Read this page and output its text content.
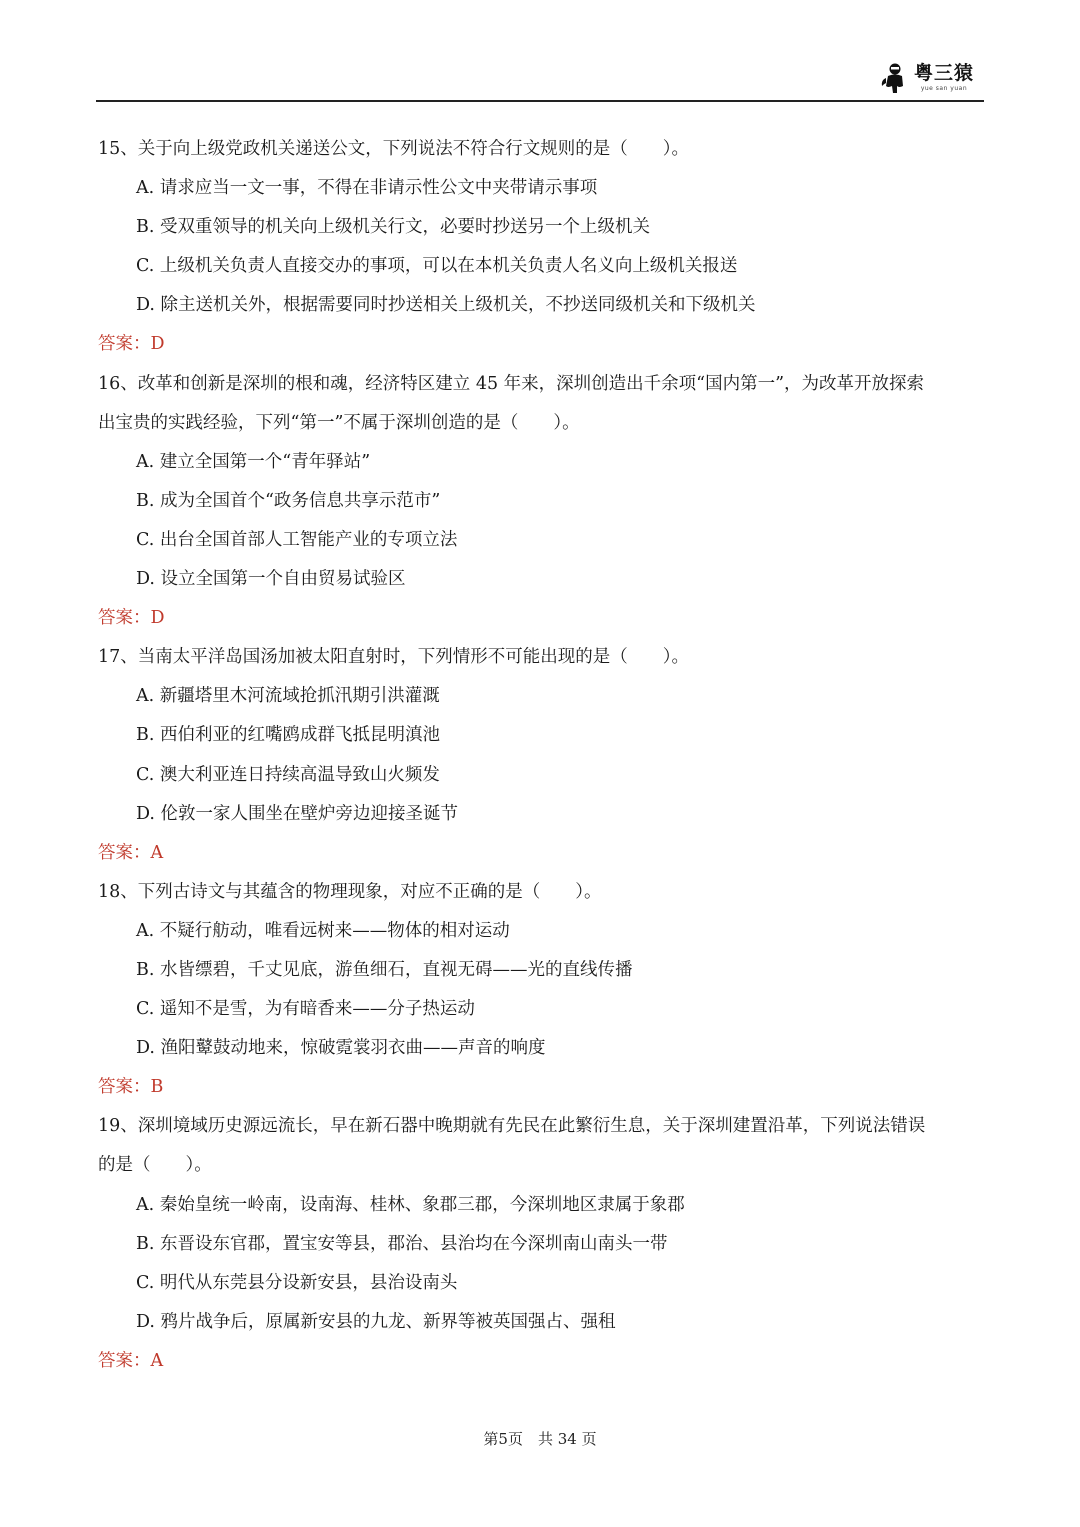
粤三猿
yue san yuan
15、关于向上级党政机关递送公文，下列说法不符合行文规则的是（　　）。
A. 请求应当一文一事，不得在非请示性公文中夹带请示事项
B. 受双重领导的机关向上级机关行文，必要时抄送另一个上级机关
C. 上级机关负责人直接交办的事项，可以在本机关负责人名义向上级机关报送
D. 除主送机关外，根据需要同时抄送相关上级机关，不抄送同级机关和下级机关
答案：D
16、改革和创新是深圳的根和魂，经济特区建立 45 年来，深圳创造出千余项“国内第一”，为改革开放探索
出宝贵的实践经验，下列“第一”不属于深圳创造的是（　　）。
A. 建立全国第一个“青年驿站”
B. 成为全国首个“政务信息共享示范市”
C. 出台全国首部人工智能产业的专项立法
D. 设立全国第一个自由贸易试验区
答案：D
17、当南太平洋岛国汤加被太阳直射时，下列情形不可能出现的是（　　）。
A. 新疆塔里木河流域抢抓汛期引洪灌溉
B. 西伯利亚的红嘴鸥成群飞抵昆明滇池
C. 澳大利亚连日持续高温导致山火频发
D. 伦敦一家人围坐在壁炉旁边迎接圣诞节
答案：A
18、下列古诗文与其蕴含的物理现象，对应不正确的是（　　）。
A. 不疑行舫动，唯看远树来——物体的相对运动
B. 水皆缥碧，千丈见底，游鱼细石，直视无碍——光的直线传播
C. 遥知不是雪，为有暗香来——分子热运动
D. 渔阳鼙鼓动地来，惊破霓裳羽衣曲——声音的响度
答案：B
19、深圳境域历史源远流长，早在新石器中晚期就有先民在此繁衍生息，关于深圳建置沿革，下列说法错误
的是（　　）。
A. 秦始皇统一岭南，设南海、桂林、象郡三郡，今深圳地区隶属于象郡
B. 东晋设东官郡，置宝安等县，郡治、县治均在今深圳南山南头一带
C. 明代从东莞县分设新安县，县治设南头
D. 鸦片战争后，原属新安县的九龙、新界等被英国强占、强租
答案：A
第5页　共 34 页
